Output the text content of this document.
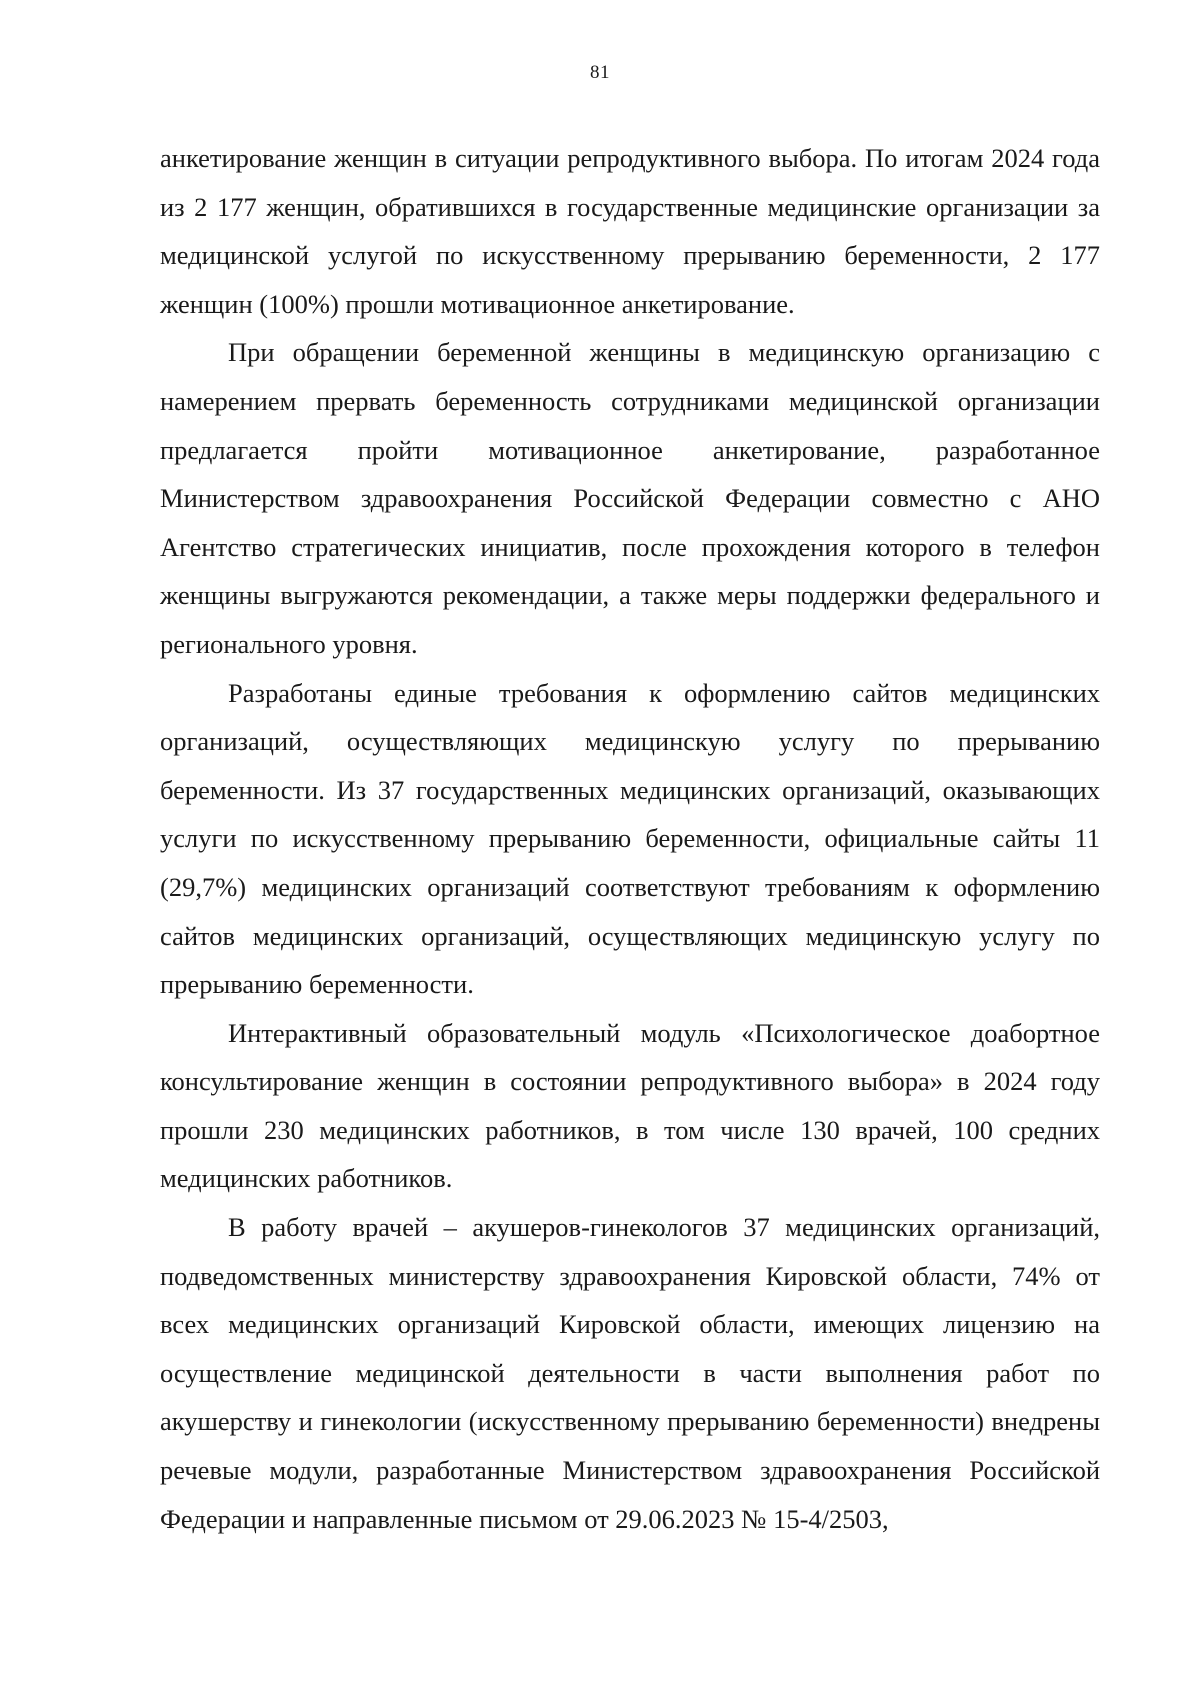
81

анкетирование женщин в ситуации репродуктивного выбора. По итогам 2024 года из 2 177 женщин, обратившихся в государственные медицинские организации за медицинской услугой по искусственному прерыванию беременности, 2 177 женщин (100%) прошли мотивационное анкетирование.

При обращении беременной женщины в медицинскую организацию с намерением прервать беременность сотрудниками медицинской организации предлагается пройти мотивационное анкетирование, разработанное Министерством здравоохранения Российской Федерации совместно с АНО Агентство стратегических инициатив, после прохождения которого в телефон женщины выгружаются рекомендации, а также меры поддержки федерального и регионального уровня.

Разработаны единые требования к оформлению сайтов медицинских организаций, осуществляющих медицинскую услугу по прерыванию беременности. Из 37 государственных медицинских организаций, оказывающих услуги по искусственному прерыванию беременности, официальные сайты 11 (29,7%) медицинских организаций соответствуют требованиям к оформлению сайтов медицинских организаций, осуществляющих медицинскую услугу по прерыванию беременности.

Интерактивный образовательный модуль «Психологическое доабортное консультирование женщин в состоянии репродуктивного выбора» в 2024 году прошли 230 медицинских работников, в том числе 130 врачей, 100 средних медицинских работников.

В работу врачей – акушеров-гинекологов 37 медицинских организаций, подведомственных министерству здравоохранения Кировской области, 74% от всех медицинских организаций Кировской области, имеющих лицензию на осуществление медицинской деятельности в части выполнения работ по акушерству и гинекологии (искусственному прерыванию беременности) внедрены речевые модули, разработанные Министерством здравоохранения Российской Федерации и направленные письмом от 29.06.2023 № 15-4/2503,
